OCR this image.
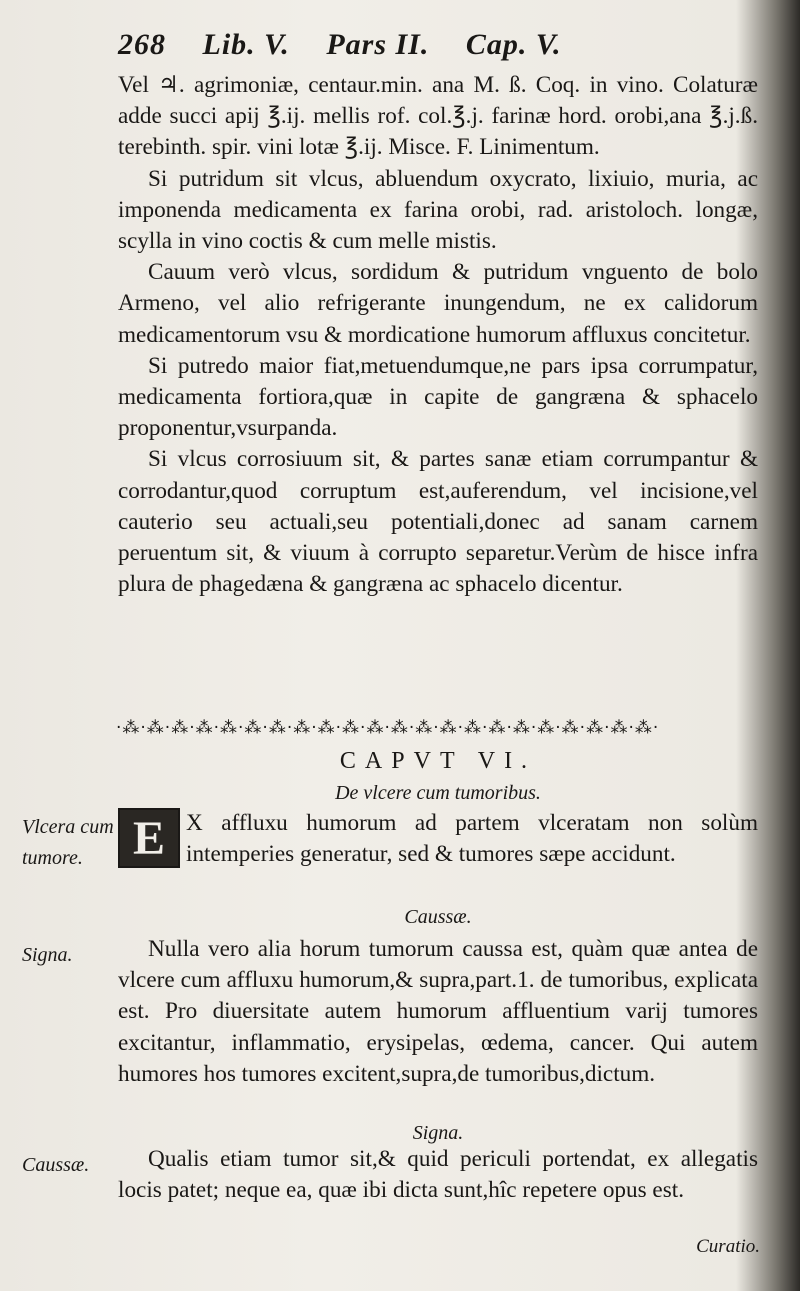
268 Lib. V. Pars II. Cap. V.

Vel ♃. agrimoniæ, centaur.min. ana M. ß. Coq. in vino. Colaturæ adde succi apij ℥.ij. mellis rof. col.℥.j. farinæ hord. orobi,ana ℥.j.ß. terebinth. spir. vini lotæ ℥.ij. Misce. F. Linimentum.

Si putridum sit vlcus, abluendum oxycrato, lixiuio, muria, ac imponenda medicamenta ex farina orobi, rad. aristoloch. longæ, scylla in vino coctis & cum melle mistis.

Cauum verò vlcus, sordidum & putridum vnguento de bolo Armeno, vel alio refrigerante inungendum, ne ex calidorum medicamentorum vsu & mordicatione humorum affluxus concitetur.

Si putredo maior fiat,metuendumque,ne pars ipsa corrumpatur, medicamenta fortiora,quæ in capite de gangræna & sphacelo proponentur,vsurpanda.

Si vlcus corrosiuum sit, & partes sanæ etiam corrumpantur & corrodantur,quod corruptum est,auferendum, vel incisione,vel cauterio seu actuali,seu potentiali,donec ad sanam carnem peruentum sit, & viuum à corrupto separetur.Verùm de hisce infra plura de phagedæna & gangræna ac sphacelo dicentur.

·⁂·⁂·⁂·⁂·⁂·⁂·⁂·⁂·⁂·⁂·⁂·⁂·⁂·⁂·⁂·⁂·⁂·⁂·⁂·⁂·⁂·⁂·
CAPVT VI.
De vlcere cum tumoribus.
Vlcera cum tumore.	E X affluxu humorum ad partem vlceratam non solùm intemperies generatur, sed & tumores sæpe accidunt.
Caussæ.
Signa.	Nulla vero alia horum tumorum caussa est, quàm quæ antea de vlcere cum affluxu humorum,& supra,part.1. de tumoribus, explicata est. Pro diuersitate autem humorum affluentium varij tumores excitantur, inflammatio, erysipelas, œdema, cancer. Qui autem humores hos tumores excitent,supra,de tumoribus,dictum.

Signa.
Caussæ.	Qualis etiam tumor sit,& quid periculi portendat, ex allegatis locis patet; neque ea, quæ ibi dicta sunt,hîc repetere opus est.

Curatio.
